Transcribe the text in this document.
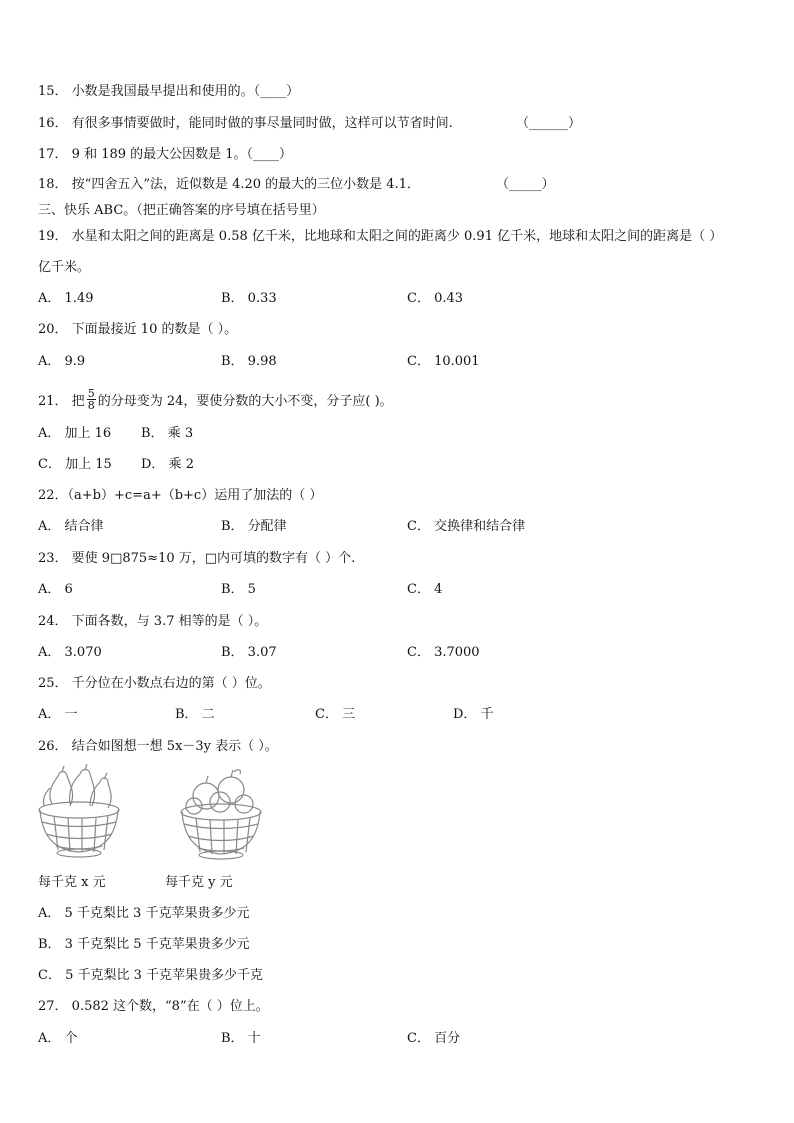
15． 小数是我国最早提出和使用的。（____）
16． 有很多事情要做时，能同时做的事尽量同时做，这样可以节省时间.	（______）
17． 9 和 189 的最大公因数是 1。（____）
18． 按“四舍五入”法，近似数是 4.20 的最大的三位小数是 4.1．	（_____）
三、快乐 ABC。（把正确答案的序号填在括号里）
19． 水星和太阳之间的距离是 0.58 亿千米，比地球和太阳之间的距离少 0.91 亿千米，地球和太阳之间的距离是（ ）
亿千米。
A． 1.49	B． 0.33	C． 0.43
20． 下面最接近 10 的数是（ ）。
A． 9.9	B． 9.98	C． 10.001
21． 把 $\frac{5}{8}$ 的分母变为 24，要使分数的大小不变，分子应( )。
A． 加上 16 B． 乘 3
C． 加上 15 D． 乘 2
22．（a+b）+c=a+（b+c）运用了加法的（ ）
A． 结合律	B． 分配律	C． 交换律和结合律
23． 要使 9□875≈10 万，□内可填的数字有（ ）个.
A． 6	B． 5	C． 4
24． 下面各数，与 3.7 相等的是（ ）。
A． 3.070	B． 3.07	C． 3.7000
25． 千分位在小数点右边的第（ ）位。
A． 一	B． 二	C． 三	D． 千
26． 结合如图想一想 5x－3y 表示（ ）。
每千克 x 元	每千克 y 元
A． 5 千克梨比 3 千克苹果贵多少元
B． 3 千克梨比 5 千克苹果贵多少元
C． 5 千克梨比 3 千克苹果贵多少千克
27． 0.582 这个数，“8”在（ ）位上。
A． 个	B． 十	C． 百分
